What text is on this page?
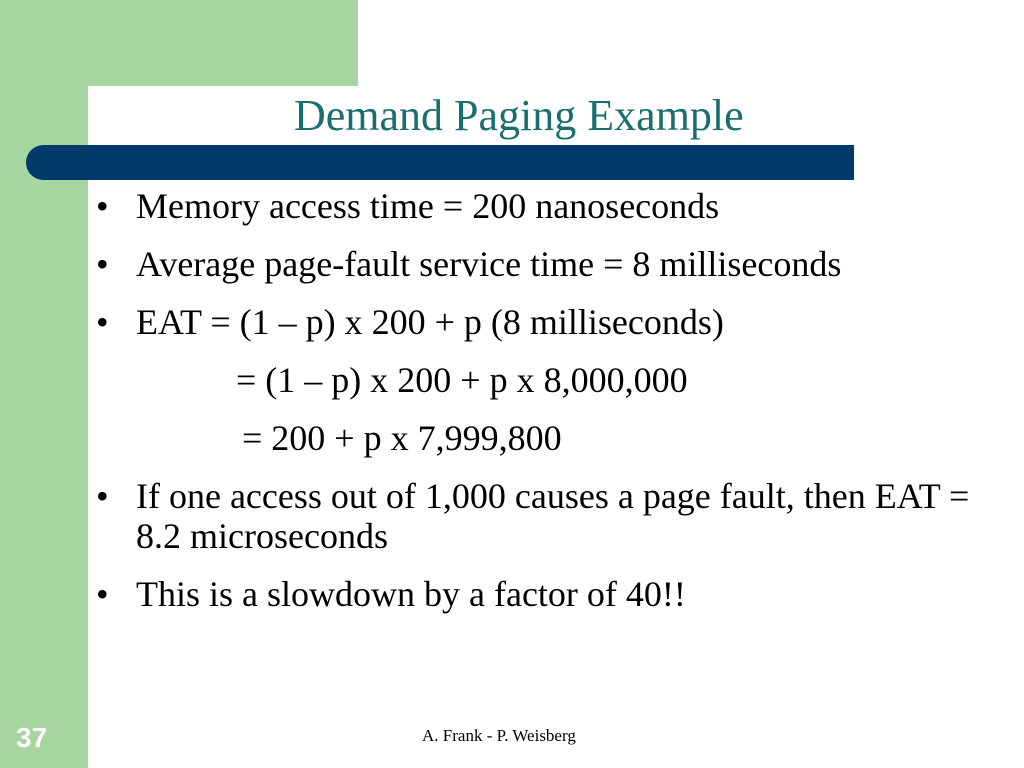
Demand Paging Example
• Memory access time = 200 nanoseconds
• Average page-fault service time = 8 milliseconds
• EAT = (1 – p) x 200 + p (8 milliseconds)
= (1 – p) x 200 + p x 8,000,000
= 200 + p x 7,999,800
• If one access out of 1,000 causes a page fault, then EAT = 8.2 microseconds
• This is a slowdown by a factor of 40!!
37	A. Frank - P. Weisberg
